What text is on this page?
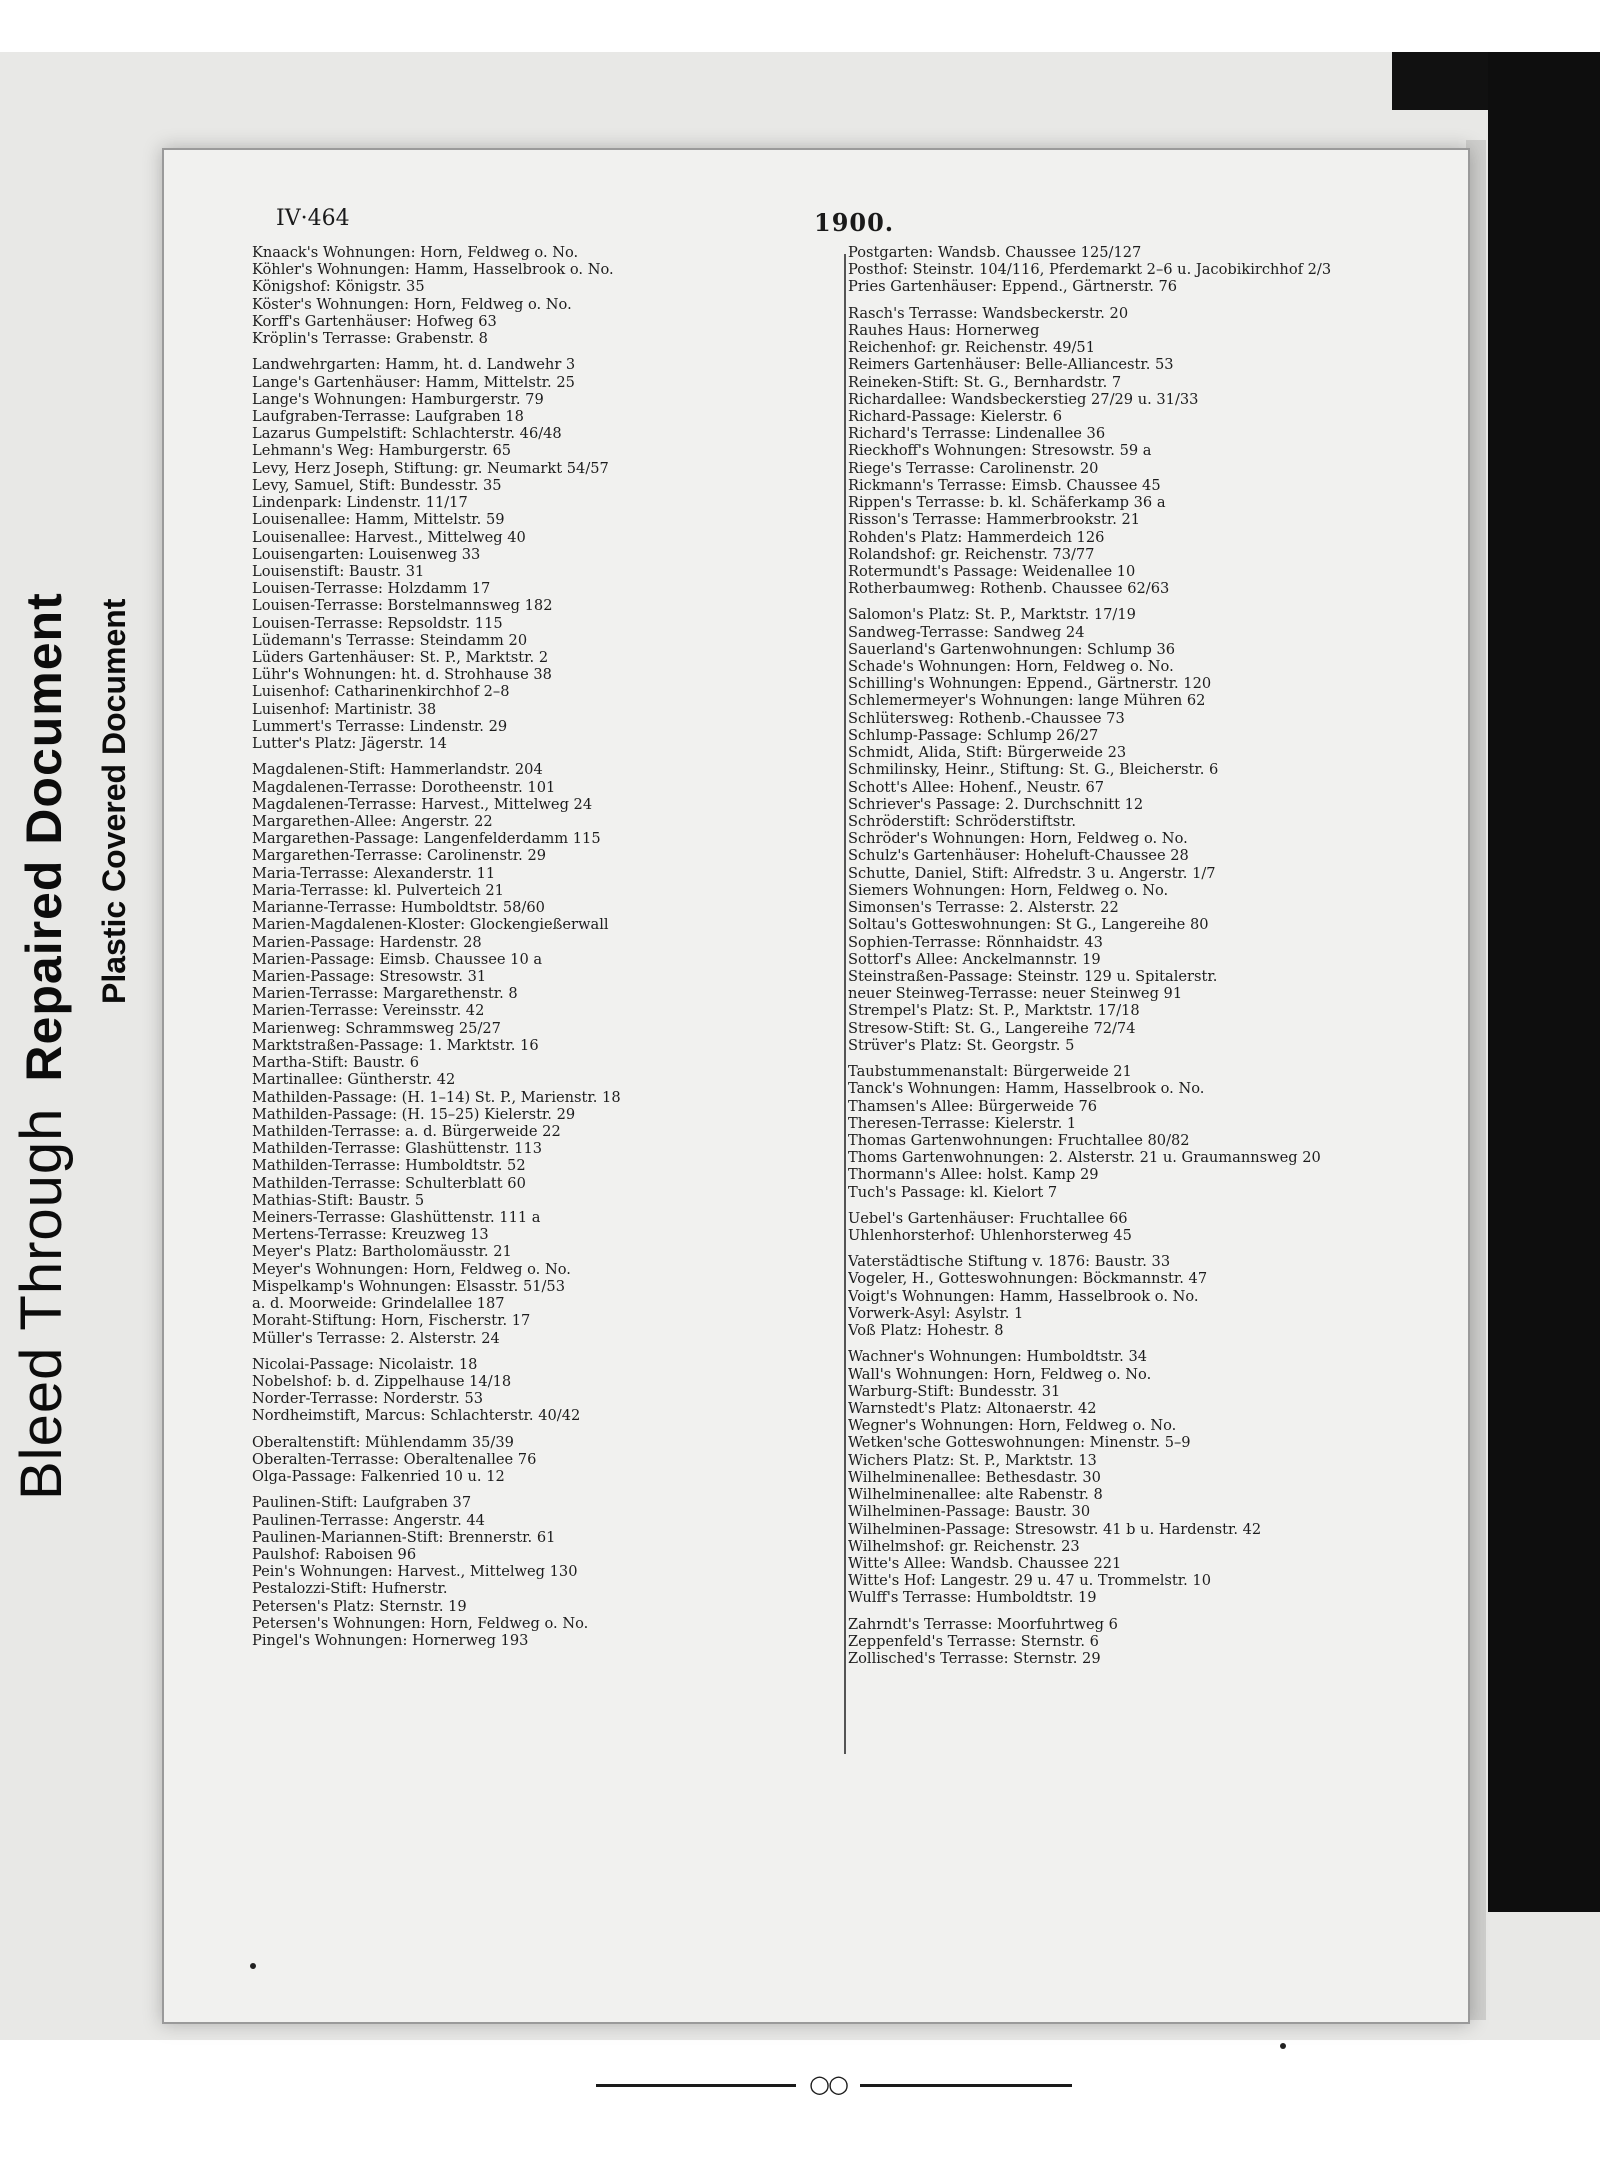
Bleed ThroughRepaired Document Plastic Covered Document
IV·464	1900.
Knaack's Wohnungen: Horn, Feldweg o. No.
Köhler's Wohnungen: Hamm, Hasselbrook o. No.
Königshof: Königstr. 35
Köster's Wohnungen: Horn, Feldweg o. No.
Korff's Gartenhäuser: Hofweg 63
Kröplin's Terrasse: Grabenstr. 8
Landwehrgarten: Hamm, ht. d. Landwehr 3
Lange's Gartenhäuser: Hamm, Mittelstr. 25
Lange's Wohnungen: Hamburgerstr. 79
Laufgraben-Terrasse: Laufgraben 18
Lazarus Gumpelstift: Schlachterstr. 46/48
Lehmann's Weg: Hamburgerstr. 65
Levy, Herz Joseph, Stiftung: gr. Neumarkt 54/57
Levy, Samuel, Stift: Bundesstr. 35
Lindenpark: Lindenstr. 11/17
Louisenallee: Hamm, Mittelstr. 59
Louisenallee: Harvest., Mittelweg 40
Louisengarten: Louisenweg 33
Louisenstift: Baustr. 31
Louisen-Terrasse: Holzdamm 17
Louisen-Terrasse: Borstelmannsweg 182
Louisen-Terrasse: Repsoldstr. 115
Lüdemann's Terrasse: Steindamm 20
Lüders Gartenhäuser: St. P., Marktstr. 2
Lühr's Wohnungen: ht. d. Strohhause 38
Luisenhof: Catharinenkirchhof 2–8
Luisenhof: Martinistr. 38
Lummert's Terrasse: Lindenstr. 29
Lutter's Platz: Jägerstr. 14
Magdalenen-Stift: Hammerlandstr. 204
Magdalenen-Terrasse: Dorotheenstr. 101
Magdalenen-Terrasse: Harvest., Mittelweg 24
Margarethen-Allee: Angerstr. 22
Margarethen-Passage: Langenfelderdamm 115
Margarethen-Terrasse: Carolinenstr. 29
Maria-Terrasse: Alexanderstr. 11
Maria-Terrasse: kl. Pulverteich 21
Marianne-Terrasse: Humboldtstr. 58/60
Marien-Magdalenen-Kloster: Glockengießerwall
Marien-Passage: Hardenstr. 28
Marien-Passage: Eimsb. Chaussee 10 a
Marien-Passage: Stresowstr. 31
Marien-Terrasse: Margarethenstr. 8
Marien-Terrasse: Vereinsstr. 42
Marienweg: Schrammsweg 25/27
Marktstraßen-Passage: 1. Marktstr. 16
Martha-Stift: Baustr. 6
Martinallee: Güntherstr. 42
Mathilden-Passage: (H. 1–14) St. P., Marienstr. 18
Mathilden-Passage: (H. 15–25) Kielerstr. 29
Mathilden-Terrasse: a. d. Bürgerweide 22
Mathilden-Terrasse: Glashüttenstr. 113
Mathilden-Terrasse: Humboldtstr. 52
Mathilden-Terrasse: Schulterblatt 60
Mathias-Stift: Baustr. 5
Meiners-Terrasse: Glashüttenstr. 111 a
Mertens-Terrasse: Kreuzweg 13
Meyer's Platz: Bartholomäusstr. 21
Meyer's Wohnungen: Horn, Feldweg o. No.
Mispelkamp's Wohnungen: Elsasstr. 51/53
a. d. Moorweide: Grindelallee 187
Moraht-Stiftung: Horn, Fischerstr. 17
Müller's Terrasse: 2. Alsterstr. 24
Nicolai-Passage: Nicolaistr. 18
Nobelshof: b. d. Zippelhause 14/18
Norder-Terrasse: Norderstr. 53
Nordheimstift, Marcus: Schlachterstr. 40/42
Oberaltenstift: Mühlendamm 35/39
Oberalten-Terrasse: Oberaltenallee 76
Olga-Passage: Falkenried 10 u. 12
Paulinen-Stift: Laufgraben 37
Paulinen-Terrasse: Angerstr. 44
Paulinen-Mariannen-Stift: Brennerstr. 61
Paulshof: Raboisen 96
Pein's Wohnungen: Harvest., Mittelweg 130
Pestalozzi-Stift: Hufnerstr.
Petersen's Platz: Sternstr. 19
Petersen's Wohnungen: Horn, Feldweg o. No.
Pingel's Wohnungen: Hornerweg 193
Postgarten: Wandsb. Chaussee 125/127
Posthof: Steinstr. 104/116, Pferdemarkt 2–6 u. Jacobikirchhof 2/3
Pries Gartenhäuser: Eppend., Gärtnerstr. 76
Rasch's Terrasse: Wandsbeckerstr. 20
Rauhes Haus: Hornerweg
Reichenhof: gr. Reichenstr. 49/51
Reimers Gartenhäuser: Belle-Alliancestr. 53
Reineken-Stift: St. G., Bernhardstr. 7
Richardallee: Wandsbeckerstieg 27/29 u. 31/33
Richard-Passage: Kielerstr. 6
Richard's Terrasse: Lindenallee 36
Rieckhoff's Wohnungen: Stresowstr. 59 a
Riege's Terrasse: Carolinenstr. 20
Rickmann's Terrasse: Eimsb. Chaussee 45
Rippen's Terrasse: b. kl. Schäferkamp 36 a
Risson's Terrasse: Hammerbrookstr. 21
Rohden's Platz: Hammerdeich 126
Rolandshof: gr. Reichenstr. 73/77
Rotermundt's Passage: Weidenallee 10
Rotherbaumweg: Rothenb. Chaussee 62/63
Salomon's Platz: St. P., Marktstr. 17/19
Sandweg-Terrasse: Sandweg 24
Sauerland's Gartenwohnungen: Schlump 36
Schade's Wohnungen: Horn, Feldweg o. No.
Schilling's Wohnungen: Eppend., Gärtnerstr. 120
Schlemermeyer's Wohnungen: lange Mühren 62
Schlütersweg: Rothenb.-Chaussee 73
Schlump-Passage: Schlump 26/27
Schmidt, Alida, Stift: Bürgerweide 23
Schmilinsky, Heinr., Stiftung: St. G., Bleicherstr. 6
Schott's Allee: Hohenf., Neustr. 67
Schriever's Passage: 2. Durchschnitt 12
Schröderstift: Schröderstiftstr.
Schröder's Wohnungen: Horn, Feldweg o. No.
Schulz's Gartenhäuser: Hoheluft-Chaussee 28
Schutte, Daniel, Stift: Alfredstr. 3 u. Angerstr. 1/7
Siemers Wohnungen: Horn, Feldweg o. No.
Simonsen's Terrasse: 2. Alsterstr. 22
Soltau's Gotteswohnungen: St G., Langereihe 80
Sophien-Terrasse: Rönnhaidstr. 43
Sottorf's Allee: Anckelmannstr. 19
Steinstraßen-Passage: Steinstr. 129 u. Spitalerstr.
neuer Steinweg-Terrasse: neuer Steinweg 91
Strempel's Platz: St. P., Marktstr. 17/18
Stresow-Stift: St. G., Langereihe 72/74
Strüver's Platz: St. Georgstr. 5
Taubstummenanstalt: Bürgerweide 21
Tanck's Wohnungen: Hamm, Hasselbrook o. No.
Thamsen's Allee: Bürgerweide 76
Theresen-Terrasse: Kielerstr. 1
Thomas Gartenwohnungen: Fruchtallee 80/82
Thoms Gartenwohnungen: 2. Alsterstr. 21 u. Graumannsweg 20
Thormann's Allee: holst. Kamp 29
Tuch's Passage: kl. Kielort 7
Uebel's Gartenhäuser: Fruchtallee 66
Uhlenhorsterhof: Uhlenhorsterweg 45
Vaterstädtische Stiftung v. 1876: Baustr. 33
Vogeler, H., Gotteswohnungen: Böckmannstr. 47
Voigt's Wohnungen: Hamm, Hasselbrook o. No.
Vorwerk-Asyl: Asylstr. 1
Voß Platz: Hohestr. 8
Wachner's Wohnungen: Humboldtstr. 34
Wall's Wohnungen: Horn, Feldweg o. No.
Warburg-Stift: Bundesstr. 31
Warnstedt's Platz: Altonaerstr. 42
Wegner's Wohnungen: Horn, Feldweg o. No.
Wetken'sche Gotteswohnungen: Minenstr. 5–9
Wichers Platz: St. P., Marktstr. 13
Wilhelminenallee: Bethesdastr. 30
Wilhelminenallee: alte Rabenstr. 8
Wilhelminen-Passage: Baustr. 30
Wilhelminen-Passage: Stresowstr. 41 b u. Hardenstr. 42
Wilhelmshof: gr. Reichenstr. 23
Witte's Allee: Wandsb. Chaussee 221
Witte's Hof: Langestr. 29 u. 47 u. Trommelstr. 10
Wulff's Terrasse: Humboldtstr. 19
Zahrndt's Terrasse: Moorfuhrtweg 6
Zeppenfeld's Terrasse: Sternstr. 6
Zollisched's Terrasse: Sternstr. 29
○○
